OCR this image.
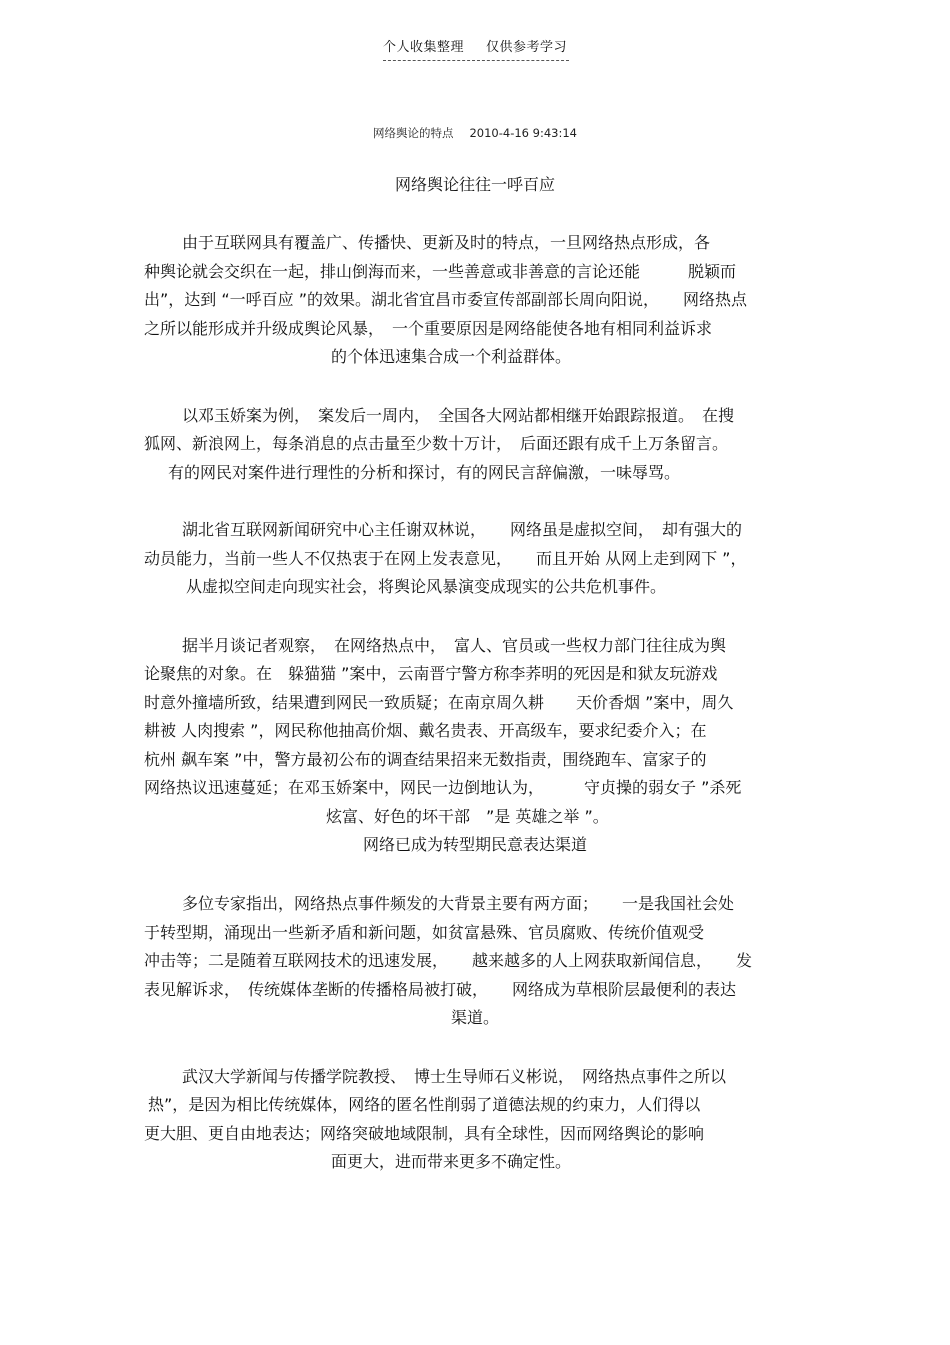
个人收集整理 仅供参考学习
网络舆论的特点 2010-4-16 9:43:14
网络舆论往往一呼百应
由于互联网具有覆盖广、传播快、更新及时的特点，一旦网络热点形成，各
种舆论就会交织在一起，排山倒海而来，一些善意或非善意的言论还能　　　脱颖而
出”，达到 “一呼百应 ”的效果。湖北省宜昌市委宣传部副部长周向阳说，　　网络热点
之所以能形成并升级成舆论风暴，　一个重要原因是网络能使各地有相同利益诉求
的个体迅速集合成一个利益群体。
以邓玉娇案为例，　案发后一周内，　全国各大网站都相继开始跟踪报道。　在搜
狐网、新浪网上，每条消息的点击量至少数十万计，　后面还跟有成千上万条留言。
有的网民对案件进行理性的分析和探讨，有的网民言辞偏激，一味辱骂。
湖北省互联网新闻研究中心主任谢双林说，　　网络虽是虚拟空间，　却有强大的
动员能力，当前一些人不仅热衷于在网上发表意见，　　而且开始 从网上走到网下 ”，
从虚拟空间走向现实社会，将舆论风暴演变成现实的公共危机事件。
据半月谈记者观察，　在网络热点中，　富人、官员或一些权力部门往往成为舆
论聚焦的对象。在　躲猫猫 ”案中，云南晋宁警方称李荞明的死因是和狱友玩游戏
时意外撞墙所致，结果遭到网民一致质疑；在南京周久耕　　天价香烟 ”案中，周久
耕被 人肉搜索 ”，网民称他抽高价烟、戴名贵表、开高级车，要求纪委介入；在
杭州 飙车案 ”中，警方最初公布的调查结果招来无数指责，围绕跑车、富家子的
网络热议迅速蔓延；在邓玉娇案中，网民一边倒地认为，　　　守贞操的弱女子 ”杀死
炫富、好色的坏干部　”是 英雄之举 ”。
网络已成为转型期民意表达渠道
多位专家指出，网络热点事件频发的大背景主要有两方面；　　一是我国社会处
于转型期，涌现出一些新矛盾和新问题，如贫富悬殊、官员腐败、传统价值观受
冲击等；二是随着互联网技术的迅速发展，　　越来越多的人上网获取新闻信息，　　发
表见解诉求，　传统媒体垄断的传播格局被打破，　　网络成为草根阶层最便利的表达
渠道。
武汉大学新闻与传播学院教授、　博士生导师石义彬说，　网络热点事件之所以
热”，是因为相比传统媒体，网络的匿名性削弱了道德法规的约束力，人们得以
更大胆、更自由地表达；网络突破地域限制，具有全球性，因而网络舆论的影响
面更大，进而带来更多不确定性。
